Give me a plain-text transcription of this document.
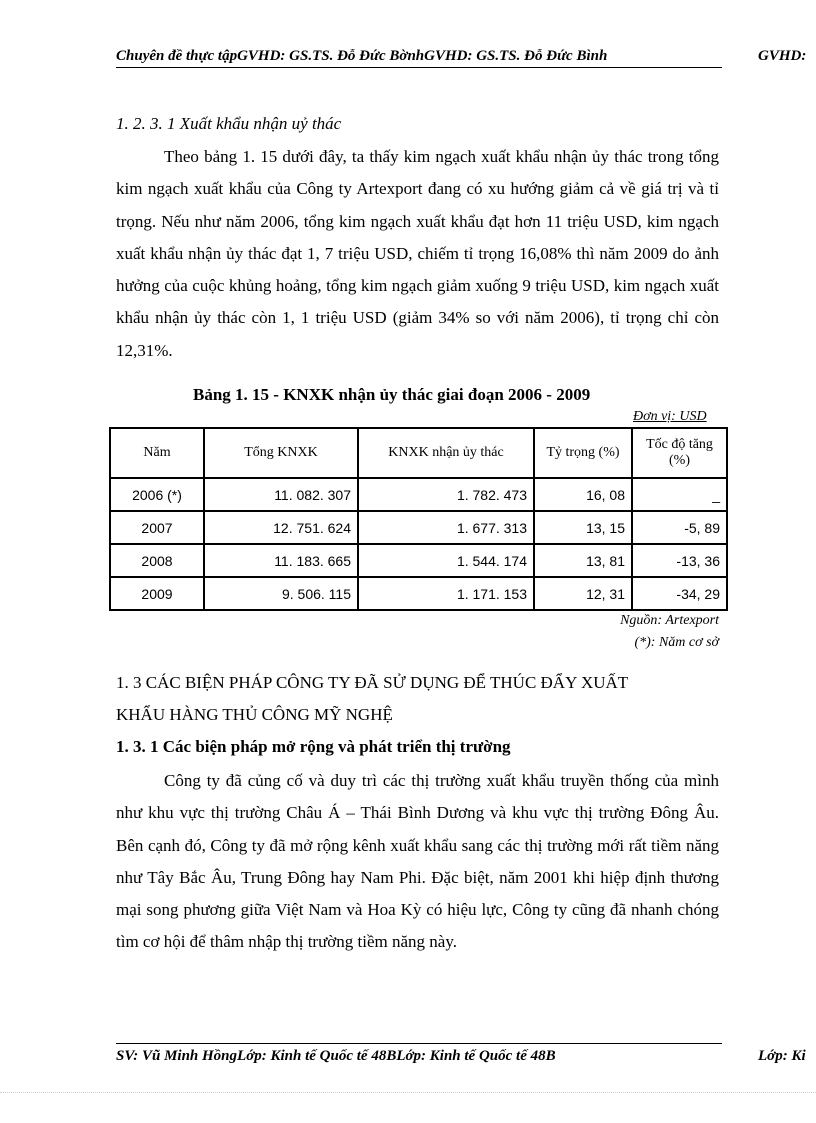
Chuyên đề thực tậpGVHD: GS.TS. Đỗ Đức BờnhGVHD: GS.TS. Đỗ Đức Bình	GVHD:
1. 2. 3. 1 Xuất khẩu nhận uỷ thác
Theo bảng 1. 15 dưới đây, ta thấy kim ngạch xuất khẩu nhận ủy thác trong tổng kim ngạch xuất khẩu của Công ty Artexport đang có xu hướng giảm cả về giá trị và tỉ trọng. Nếu như năm 2006, tổng kim ngạch xuất khẩu đạt hơn 11 triệu USD, kim ngạch xuất khẩu nhận ủy thác đạt 1, 7 triệu USD, chiếm tỉ trọng 16,08% thì năm 2009 do ảnh hưởng của cuộc khủng hoảng, tổng kim ngạch giảm xuống 9 triệu USD, kim ngạch xuất khẩu nhận ủy thác còn 1, 1 triệu USD (giảm 34% so với năm 2006), tỉ trọng chỉ còn 12,31%.
Bảng 1. 15 - KNXK nhận ủy thác giai đoạn 2006 - 2009
Đơn vị: USD
Năm	Tổng KNXK	KNXK nhận ủy thác	Tỷ trọng (%)	Tốc độ tăng (%)
2006 (*)	11. 082. 307	1. 782. 473	16, 08	_
2007	12. 751. 624	1. 677. 313	13, 15	-5, 89
2008	11. 183. 665	1. 544. 174	13, 81	-13, 36
2009	9. 506. 115	1. 171. 153	12, 31	-34, 29
Nguồn: Artexport
(*): Năm cơ sở
1. 3 CÁC BIỆN PHÁP CÔNG TY ĐÃ SỬ DỤNG ĐỂ THÚC ĐẨY XUẤT
KHẨU HÀNG THỦ CÔNG MỸ NGHỆ
1. 3. 1 Các biện pháp mở rộng và phát triển thị trường
Công ty đã củng cố và duy trì các thị trường xuất khẩu truyền thống của mình như khu vực thị trường Châu Á – Thái Bình Dương và khu vực thị trường Đông Âu. Bên cạnh đó, Công ty đã mở rộng kênh xuất khẩu sang các thị trường mới rất tiềm năng như Tây Bắc Âu, Trung Đông hay Nam Phi. Đặc biệt, năm 2001 khi hiệp định thương mại song phương giữa Việt Nam và Hoa Kỳ có hiệu lực, Công ty cũng đã nhanh chóng tìm cơ hội để thâm nhập thị trường tiềm năng này.
SV: Vũ Minh HồngLớp: Kinh tế Quốc tế 48BLớp: Kinh tế Quốc tế 48B	Lớp: Ki
